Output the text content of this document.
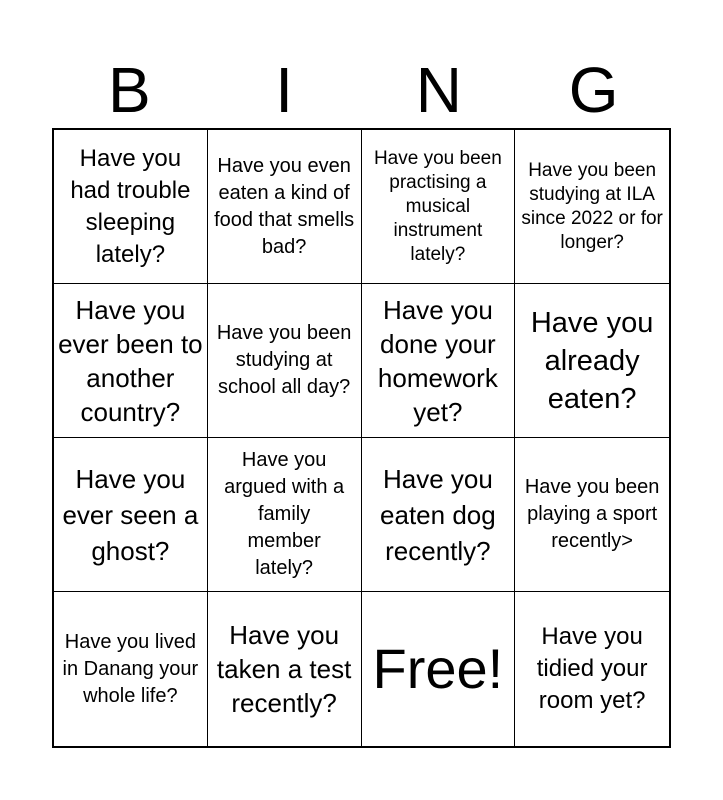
B	I	N	G
Have you had trouble sleeping lately?
Have you even eaten a kind of food that smells bad?
Have you been practising a musical instrument lately?
Have you been studying at ILA since 2022 or for longer?
Have you ever been to another country?
Have you been studying at school all day?
Have you done your homework yet?
Have you already eaten?
Have you ever seen a ghost?
Have you argued with a family member lately?
Have you eaten dog recently?
Have you been playing a sport recently>
Have you lived in Danang your whole life?
Have you taken a test recently?
Free!
Have you tidied your room yet?
